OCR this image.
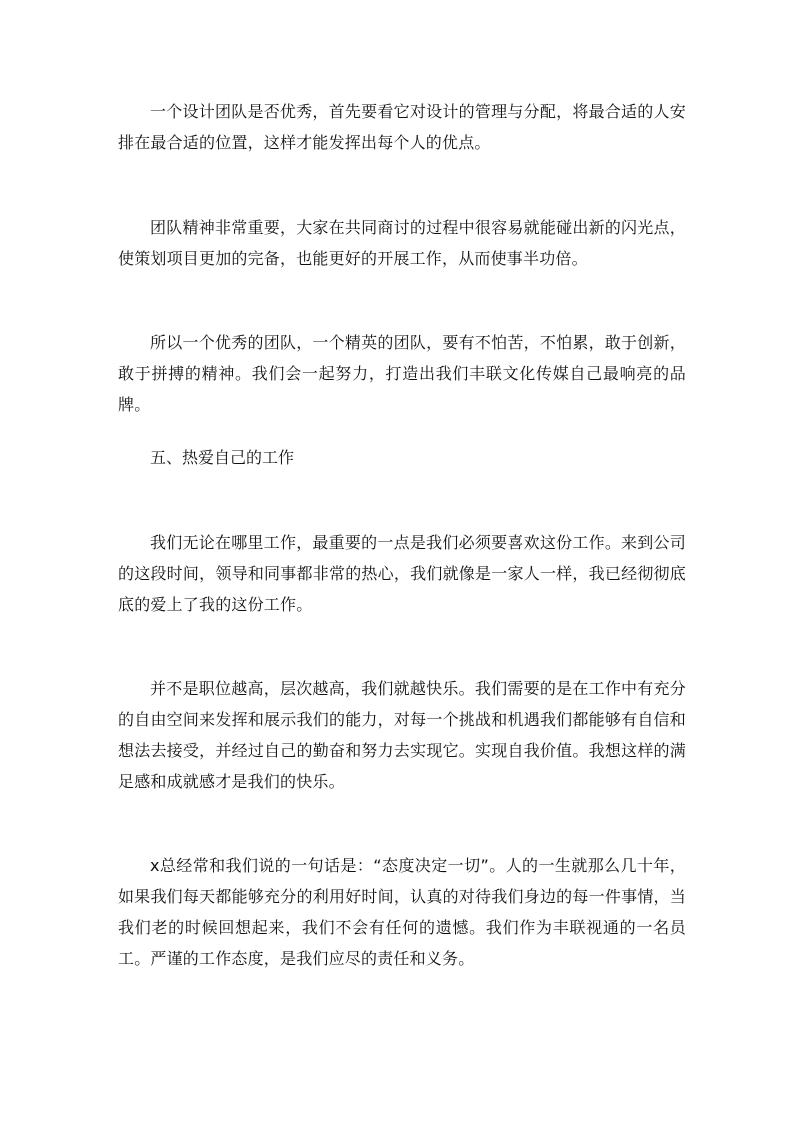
一个设计团队是否优秀，首先要看它对设计的管理与分配，将最合适的人安排在最合适的位置，这样才能发挥出每个人的优点。

团队精神非常重要，大家在共同商讨的过程中很容易就能碰出新的闪光点，使策划项目更加的完备，也能更好的开展工作，从而使事半功倍。

所以一个优秀的团队，一个精英的团队，要有不怕苦，不怕累，敢于创新，敢于拼搏的精神。我们会一起努力，打造出我们丰联文化传媒自己最响亮的品牌。

五、热爱自己的工作

我们无论在哪里工作，最重要的一点是我们必须要喜欢这份工作。来到公司的这段时间，领导和同事都非常的热心，我们就像是一家人一样，我已经彻彻底底的爱上了我的这份工作。

并不是职位越高，层次越高，我们就越快乐。我们需要的是在工作中有充分的自由空间来发挥和展示我们的能力，对每一个挑战和机遇我们都能够有自信和想法去接受，并经过自己的勤奋和努力去实现它。实现自我价值。我想这样的满足感和成就感才是我们的快乐。

x总经常和我们说的一句话是：“态度决定一切”。人的一生就那么几十年，如果我们每天都能够充分的利用好时间，认真的对待我们身边的每一件事情，当我们老的时候回想起来，我们不会有任何的遗憾。我们作为丰联视通的一名员工。严谨的工作态度，是我们应尽的责任和义务。
